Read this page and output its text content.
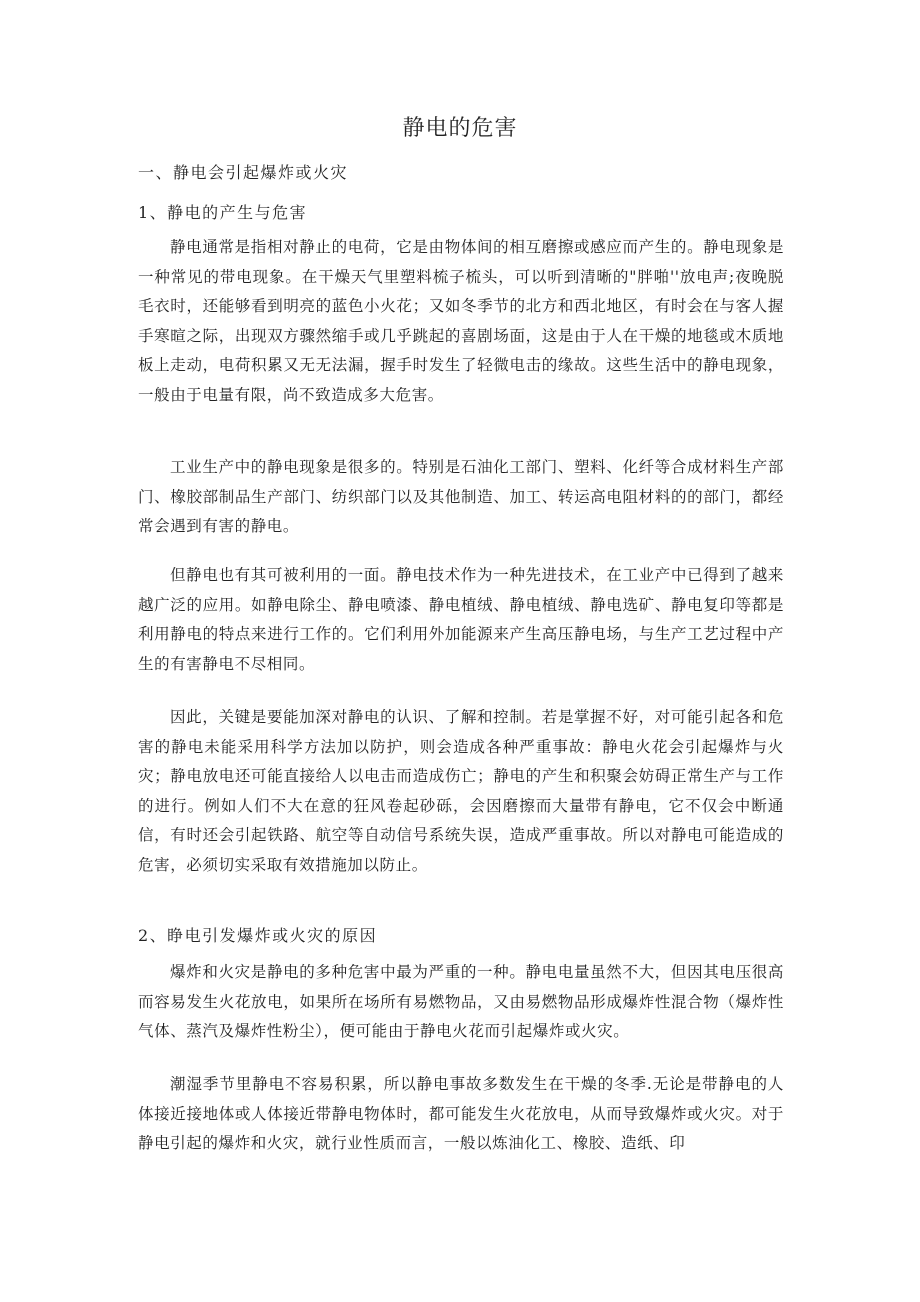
静电的危害
一、静电会引起爆炸或火灾
1、静电的产生与危害

静电通常是指相对静止的电荷，它是由物体间的相互磨擦或感应而产生的。静电现象是一种常见的带电现象。在干燥天气里塑料梳子梳头，可以听到清晰的"胖啪''放电声;夜晚脱毛衣时，还能够看到明亮的蓝色小火花；又如冬季节的北方和西北地区，有时会在与客人握手寒暄之际，出现双方骤然缩手或几乎跳起的喜剧场面，这是由于人在干燥的地毯或木质地板上走动，电荷积累又无无法漏，握手时发生了轻微电击的缘故。这些生活中的静电现象，一般由于电量有限，尚不致造成多大危害。

工业生产中的静电现象是很多的。特别是石油化工部门、塑料、化纤等合成材料生产部门、橡胶部制品生产部门、纺织部门以及其他制造、加工、转运高电阻材料的的部门，都经常会遇到有害的静电。

但静电也有其可被利用的一面。静电技术作为一种先进技术，在工业产中已得到了越来越广泛的应用。如静电除尘、静电喷漆、静电植绒、静电植绒、静电选矿、静电复印等都是利用静电的特点来进行工作的。它们利用外加能源来产生高压静电场，与生产工艺过程中产生的有害静电不尽相同。

因此，关键是要能加深对静电的认识、了解和控制。若是掌握不好，对可能引起各和危害的静电未能采用科学方法加以防护，则会造成各种严重事故：静电火花会引起爆炸与火灾；静电放电还可能直接给人以电击而造成伤亡；静电的产生和积聚会妨碍正常生产与工作的进行。例如人们不大在意的狂风卷起砂砾，会因磨擦而大量带有静电，它不仅会中断通信，有时还会引起铁路、航空等自动信号系统失误，造成严重事故。所以对静电可能造成的危害，必须切实采取有效措施加以防止。

2、睁电引发爆炸或火灾的原因

爆炸和火灾是静电的多种危害中最为严重的一种。静电电量虽然不大，但因其电压很高而容易发生火花放电，如果所在场所有易燃物品，又由易燃物品形成爆炸性混合物（爆炸性气体、蒸汽及爆炸性粉尘），便可能由于静电火花而引起爆炸或火灾。

潮湿季节里静电不容易积累，所以静电事故多数发生在干燥的冬季.无论是带静电的人体接近接地体或人体接近带静电物体时，都可能发生火花放电，从而导致爆炸或火灾。对于静电引起的爆炸和火灾，就行业性质而言，一般以炼油化工、橡胶、造纸、印
